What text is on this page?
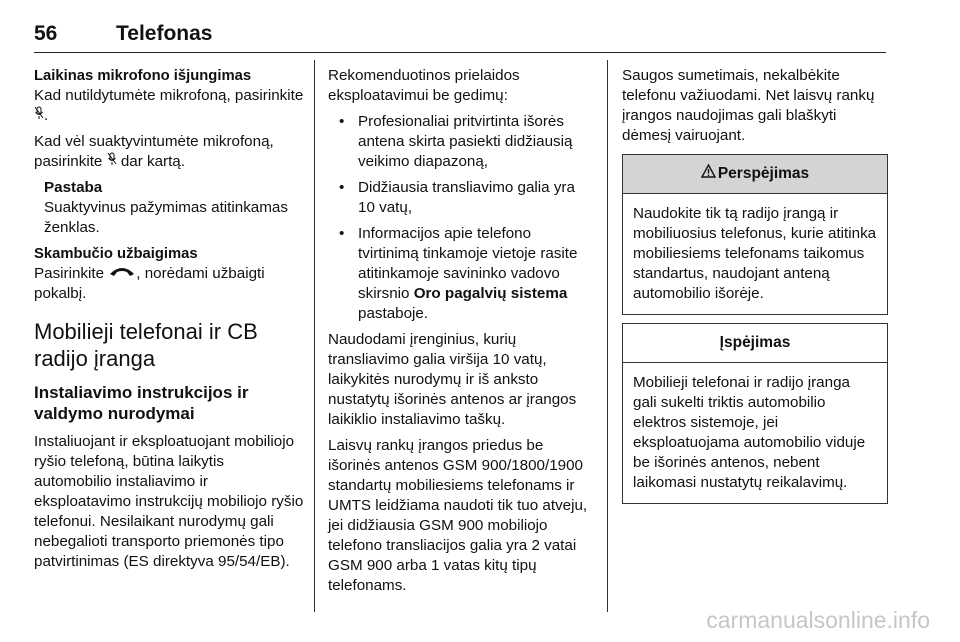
56	Telefonas

Laikinas mikrofono išjungimas

Kad nutildytumėte mikrofoną, pasirinkite .

Kad vėl suaktyvintumėte mikrofoną, pasirinkite  dar kartą.

Pastaba
Suaktyvinus pažymimas atitinkamas ženklas.

Skambučio užbaigimas

Pasirinkite , norėdami užbaigti pokalbį.

Mobilieji telefonai ir CB radijo įranga
Instaliavimo instrukcijos ir valdymo nurodymai

Instaliuojant ir eksploatuojant mobiliojo ryšio telefoną, būtina laikytis automobilio instaliavimo ir eksploatavimo instrukcijų mobiliojo ryšio telefonui. Nesilaikant nurodymų gali nebegalioti transporto priemonės tipo patvirtinimas (ES direktyva 95/54/EB).

Rekomenduotinos prielaidos eksploatavimui be gedimų:

• Profesionaliai pritvirtinta išorės antena skirta pasiekti didžiausią veikimo diapazoną,
• Didžiausia transliavimo galia yra 10 vatų,
• Informacijos apie telefono tvirtinimą tinkamoje vietoje rasite atitinkamoje savininko vadovo skirsnio Oro pagalvių sistema pastaboje.

Naudodami įrenginius, kurių transliavimo galia viršija 10 vatų, laikykitės nurodymų ir iš anksto nustatytų išorinės antenos ar įrangos laikiklio instaliavimo taškų.

Laisvų rankų įrangos priedus be išorinės antenos GSM 900/1800/1900 standartų mobiliesiems telefonams ir UMTS leidžiama naudoti tik tuo atveju, jei didžiausia GSM 900 mobiliojo telefono transliacijos galia yra 2 vatai GSM 900 arba 1 vatas kitų tipų telefonams.

Saugos sumetimais, nekalbėkite telefonu važiuodami. Net laisvų rankų įrangos naudojimas gali blaškyti dėmesį vairuojant.

Perspėjimas
Naudokite tik tą radijo įrangą ir mobiliuosius telefonus, kurie atitinka mobiliesiems telefonams taikomus standartus, naudojant anteną automobilio išorėje.
Įspėjimas
Mobilieji telefonai ir radijo įranga gali sukelti triktis automobilio elektros sistemoje, jei eksploatuojama automobilio viduje be išorinės antenos, nebent laikomasi nustatytų reikalavimų.
carmanualsonline.info
